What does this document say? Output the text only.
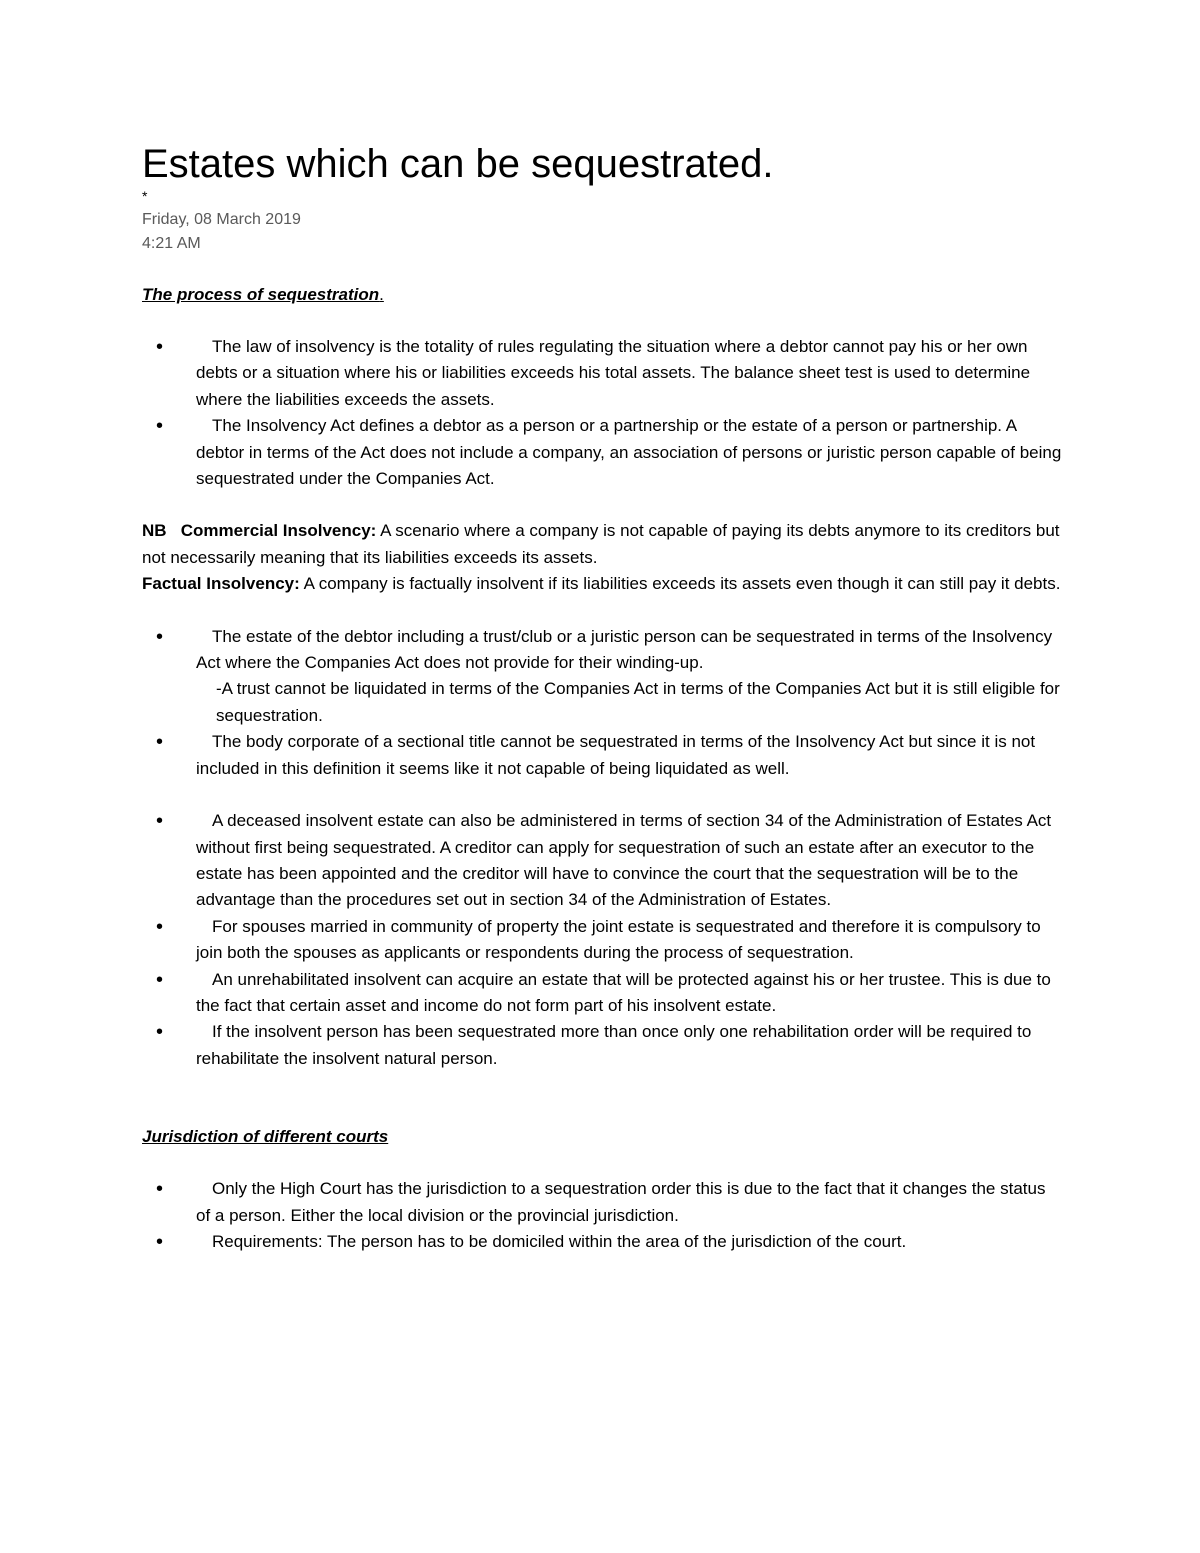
Estates which can be sequestrated.
*
Friday, 08 March 2019
4:21 AM
The process of sequestration.
•	The law of insolvency is the totality of rules regulating the situation where a debtor cannot pay his or her own debts or a situation where his or liabilities exceeds his total assets. The balance sheet test is used to determine where the liabilities exceeds the assets.
•	The Insolvency Act defines a debtor as a person or a partnership or the estate of a person or partnership. A debtor in terms of the Act does not include a company, an association of persons or juristic person capable of being sequestrated under the Companies Act.
NB Commercial Insolvency: A scenario where a company is not capable of paying its debts anymore to its creditors but not necessarily meaning that its liabilities exceeds its assets.
Factual Insolvency: A company is factually insolvent if its liabilities exceeds its assets even though it can still pay it debts.
•	The estate of the debtor including a trust/club or a juristic person can be sequestrated in terms of the Insolvency Act where the Companies Act does not provide for their winding-up.
-A trust cannot be liquidated in terms of the Companies Act in terms of the Companies Act but it is still eligible for sequestration.
•	The body corporate of a sectional title cannot be sequestrated in terms of the Insolvency Act but since it is not included in this definition it seems like it not capable of being liquidated as well.
•	A deceased insolvent estate can also be administered in terms of section 34 of the Administration of Estates Act without first being sequestrated. A creditor can apply for sequestration of such an estate after an executor to the estate has been appointed and the creditor will have to convince the court that the sequestration will be to the advantage than the procedures set out in section 34 of the Administration of Estates.
•	For spouses married in community of property the joint estate is sequestrated and therefore it is compulsory to join both the spouses as applicants or respondents during the process of sequestration.
•	An unrehabilitated insolvent can acquire an estate that will be protected against his or her trustee. This is due to the fact that certain asset and income do not form part of his insolvent estate.
•	If the insolvent person has been sequestrated more than once only one rehabilitation order will be required to rehabilitate the insolvent natural person.
Jurisdiction of different courts
•	Only the High Court has the jurisdiction to a sequestration order this is due to the fact that it changes the status of a person. Either the local division or the provincial jurisdiction.
•	Requirements: The person has to be domiciled within the area of the jurisdiction of the court.
